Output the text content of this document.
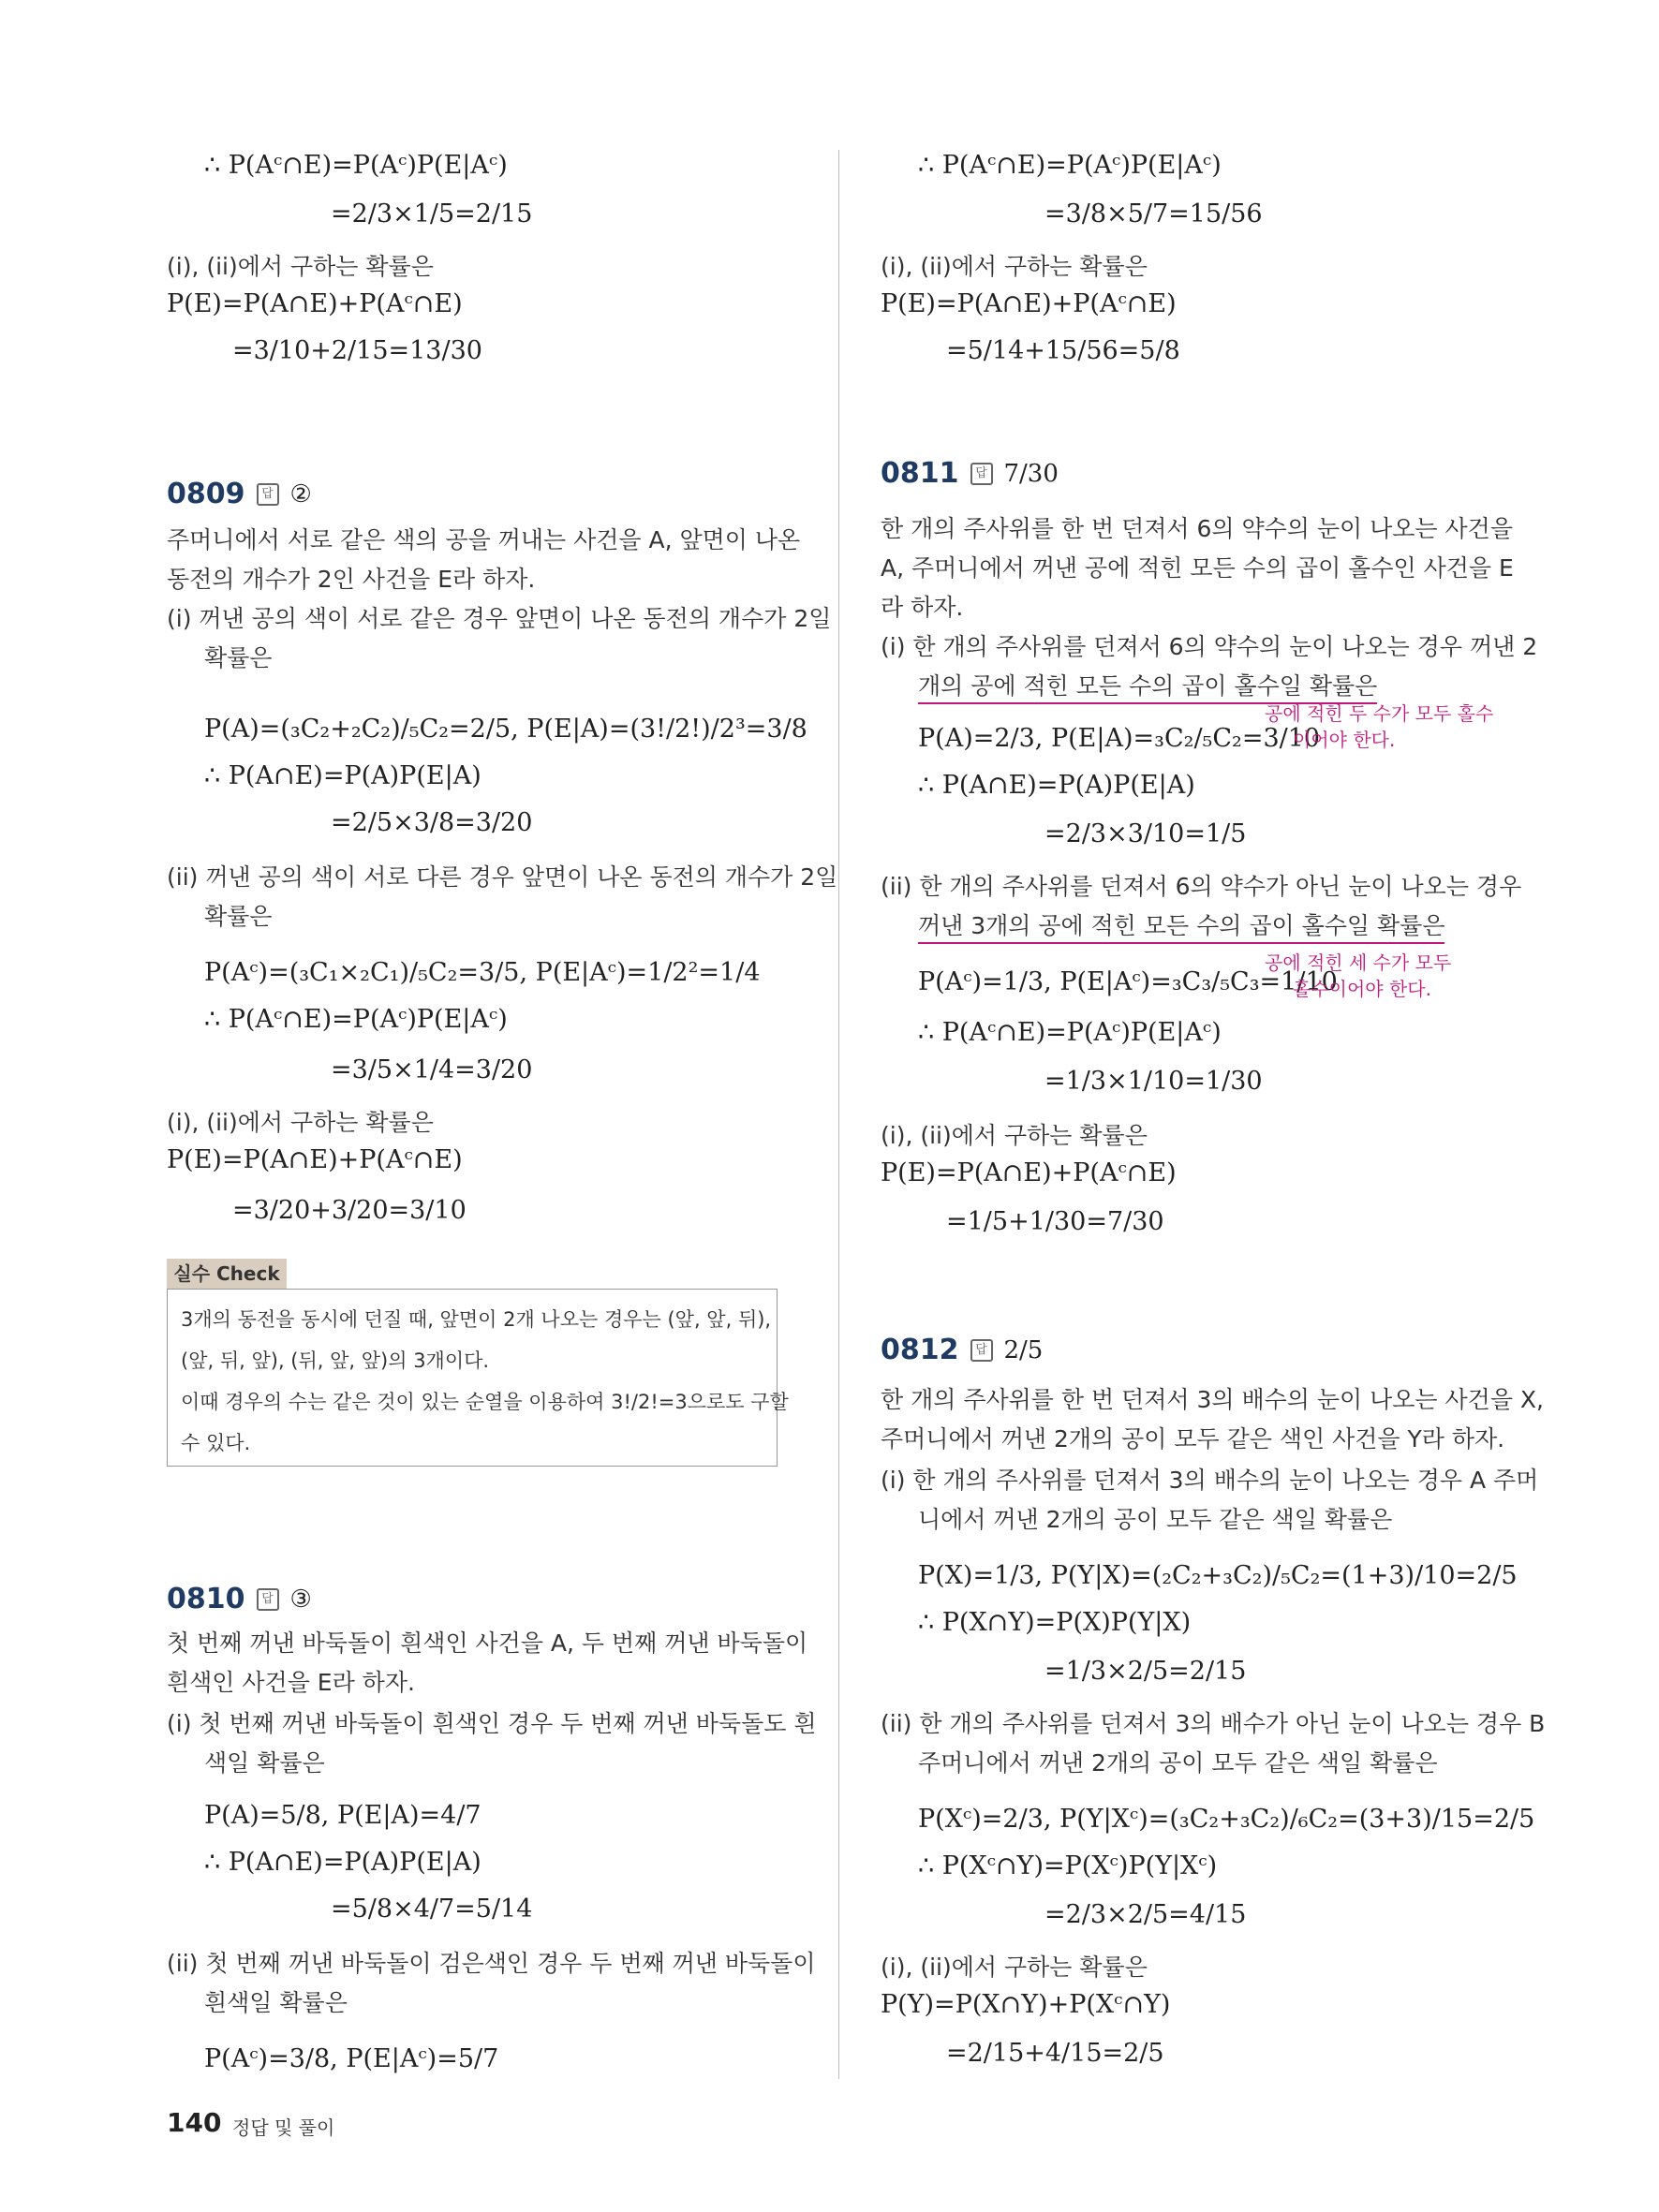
∴ P(Aᶜ∩E)=P(Aᶜ)P(E|Aᶜ)
=2/3×1/5=2/15
(i), (ii)에서 구하는 확률은
P(E)=P(A∩E)+P(Aᶜ∩E)
=3/10+2/15=13/30
0809	답 ②
주머니에서 서로 같은 색의 공을 꺼내는 사건을 A, 앞면이 나온
동전의 개수가 2인 사건을 E라 하자.
(i) 꺼낸 공의 색이 서로 같은 경우 앞면이 나온 동전의 개수가 2일
확률은
P(A)=(₃C₂+₂C₂)/₅C₂=2/5, P(E|A)=(3!/2!)/2³=3/8
∴ P(A∩E)=P(A)P(E|A)
=2/5×3/8=3/20
(ii) 꺼낸 공의 색이 서로 다른 경우 앞면이 나온 동전의 개수가 2일
확률은
P(Aᶜ)=(₃C₁×₂C₁)/₅C₂=3/5, P(E|Aᶜ)=1/2²=1/4
∴ P(Aᶜ∩E)=P(Aᶜ)P(E|Aᶜ)
=3/5×1/4=3/20
(i), (ii)에서 구하는 확률은
P(E)=P(A∩E)+P(Aᶜ∩E)
=3/20+3/20=3/10
실수 Check
3개의 동전을 동시에 던질 때, 앞면이 2개 나오는 경우는 (앞, 앞, 뒤),
(앞, 뒤, 앞), (뒤, 앞, 앞)의 3개이다.
이때 경우의 수는 같은 것이 있는 순열을 이용하여 3!/2!=3으로도 구할
수 있다.
0810	답 ③
첫 번째 꺼낸 바둑돌이 흰색인 사건을 A, 두 번째 꺼낸 바둑돌이
흰색인 사건을 E라 하자.
(i) 첫 번째 꺼낸 바둑돌이 흰색인 경우 두 번째 꺼낸 바둑돌도 흰
색일 확률은
P(A)=5/8, P(E|A)=4/7
∴ P(A∩E)=P(A)P(E|A)
=5/8×4/7=5/14
(ii) 첫 번째 꺼낸 바둑돌이 검은색인 경우 두 번째 꺼낸 바둑돌이
흰색일 확률은
P(Aᶜ)=3/8, P(E|Aᶜ)=5/7
∴ P(Aᶜ∩E)=P(Aᶜ)P(E|Aᶜ)
=3/8×5/7=15/56
(i), (ii)에서 구하는 확률은
P(E)=P(A∩E)+P(Aᶜ∩E)
=5/14+15/56=5/8
0811	답 7/30
한 개의 주사위를 한 번 던져서 6의 약수의 눈이 나오는 사건을
A, 주머니에서 꺼낸 공에 적힌 모든 수의 곱이 홀수인 사건을 E
라 하자.
(i) 한 개의 주사위를 던져서 6의 약수의 눈이 나오는 경우 꺼낸 2
개의 공에 적힌 모든 수의 곱이 홀수일 확률은
P(A)=2/3, P(E|A)=₃C₂/₅C₂=3/10
∴ P(A∩E)=P(A)P(E|A)
=2/3×3/10=1/5
(ii) 한 개의 주사위를 던져서 6의 약수가 아닌 눈이 나오는 경우
꺼낸 3개의 공에 적힌 모든 수의 곱이 홀수일 확률은
P(Aᶜ)=1/3, P(E|Aᶜ)=₃C₃/₅C₃=1/10
∴ P(Aᶜ∩E)=P(Aᶜ)P(E|Aᶜ)
=1/3×1/10=1/30
(i), (ii)에서 구하는 확률은
P(E)=P(A∩E)+P(Aᶜ∩E)
=1/5+1/30=7/30
공에 적힌 두 수가 모두 홀수
이어야 한다.
공에 적힌 세 수가 모두
홀수이어야 한다.
0812	답 2/5
한 개의 주사위를 한 번 던져서 3의 배수의 눈이 나오는 사건을 X,
주머니에서 꺼낸 2개의 공이 모두 같은 색인 사건을 Y라 하자.
(i) 한 개의 주사위를 던져서 3의 배수의 눈이 나오는 경우 A 주머
니에서 꺼낸 2개의 공이 모두 같은 색일 확률은
P(X)=1/3, P(Y|X)=(₂C₂+₃C₂)/₅C₂=(1+3)/10=2/5
∴ P(X∩Y)=P(X)P(Y|X)
=1/3×2/5=2/15
(ii) 한 개의 주사위를 던져서 3의 배수가 아닌 눈이 나오는 경우 B
주머니에서 꺼낸 2개의 공이 모두 같은 색일 확률은
P(Xᶜ)=2/3, P(Y|Xᶜ)=(₃C₂+₃C₂)/₆C₂=(3+3)/15=2/5
∴ P(Xᶜ∩Y)=P(Xᶜ)P(Y|Xᶜ)
=2/3×2/5=4/15
(i), (ii)에서 구하는 확률은
P(Y)=P(X∩Y)+P(Xᶜ∩Y)
=2/15+4/15=2/5
140 정답 및 풀이
